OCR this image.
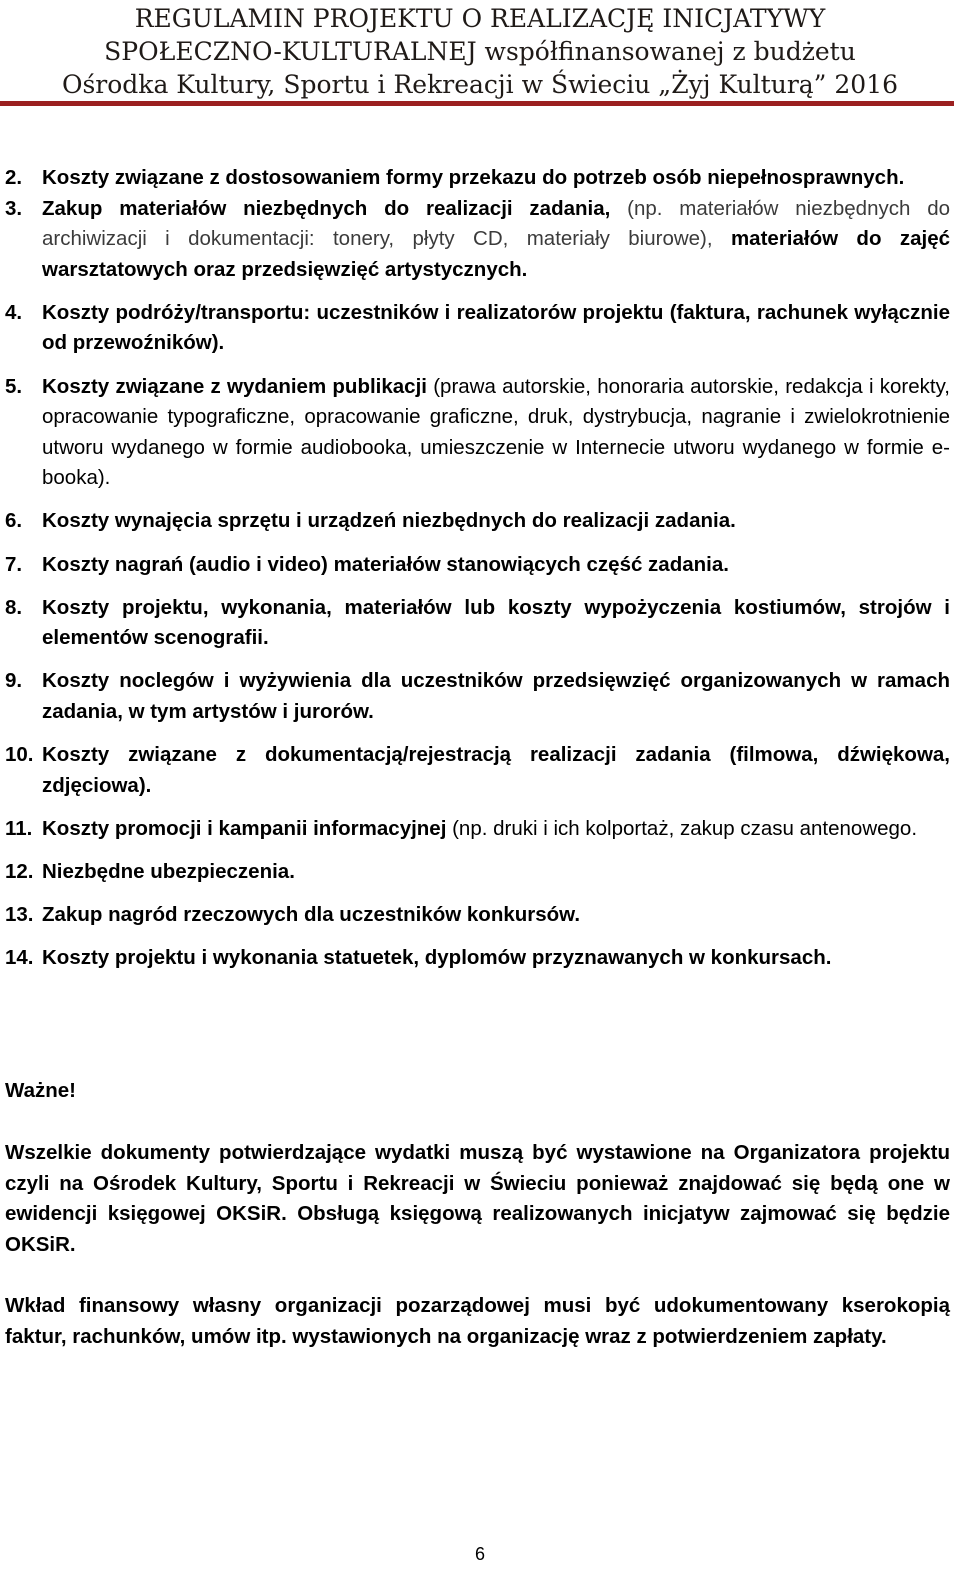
REGULAMIN PROJEKTU O REALIZACJĘ INICJATYWY
SPOŁECZNO-KULTURALNEJ współfinansowanej z budżetu
Ośrodka Kultury, Sportu i Rekreacji w Świeciu „Żyj Kulturą” 2016
2. Koszty związane z dostosowaniem formy przekazu do potrzeb osób niepełnosprawnych.
3. Zakup materiałów niezbędnych do realizacji zadania, (np. materiałów niezbędnych do archiwizacji i dokumentacji: tonery, płyty CD, materiały biurowe), materiałów do zajęć warsztatowych oraz przedsięwzięć artystycznych.
4. Koszty podróży/transportu: uczestników i realizatorów projektu (faktura, rachunek wyłącznie od przewoźników).
5. Koszty związane z wydaniem publikacji (prawa autorskie, honoraria autorskie, redakcja i korekty, opracowanie typograficzne, opracowanie graficzne, druk, dystrybucja, nagranie i zwielokrotnienie utworu wydanego w formie audiobooka, umieszczenie w Internecie utworu wydanego w formie e-booka).
6. Koszty wynajęcia sprzętu i urządzeń niezbędnych do realizacji zadania.
7. Koszty nagrań (audio i video) materiałów stanowiących część zadania.
8. Koszty projektu, wykonania, materiałów lub koszty wypożyczenia kostiumów, strojów i elementów scenografii.
9. Koszty noclegów i wyżywienia dla uczestników przedsięwzięć organizowanych w ramach zadania, w tym artystów i jurorów.
10. Koszty związane z dokumentacją/rejestracją realizacji zadania (filmowa, dźwiękowa, zdjęciowa).
11. Koszty promocji i kampanii informacyjnej (np. druki i ich kolportaż, zakup czasu antenowego.
12. Niezbędne ubezpieczenia.
13. Zakup nagród rzeczowych dla uczestników konkursów.
14. Koszty projektu i wykonania statuetek, dyplomów przyznawanych w konkursach.
Ważne!
Wszelkie dokumenty potwierdzające wydatki muszą być wystawione na Organizatora projektu czyli na Ośrodek Kultury, Sportu i Rekreacji w Świeciu ponieważ znajdować się będą one w ewidencji księgowej OKSiR. Obsługą księgową realizowanych inicjatyw zajmować się będzie OKSiR.
Wkład finansowy własny organizacji pozarządowej musi być udokumentowany kserokopią faktur, rachunków, umów itp. wystawionych na organizację wraz z potwierdzeniem zapłaty.
6
